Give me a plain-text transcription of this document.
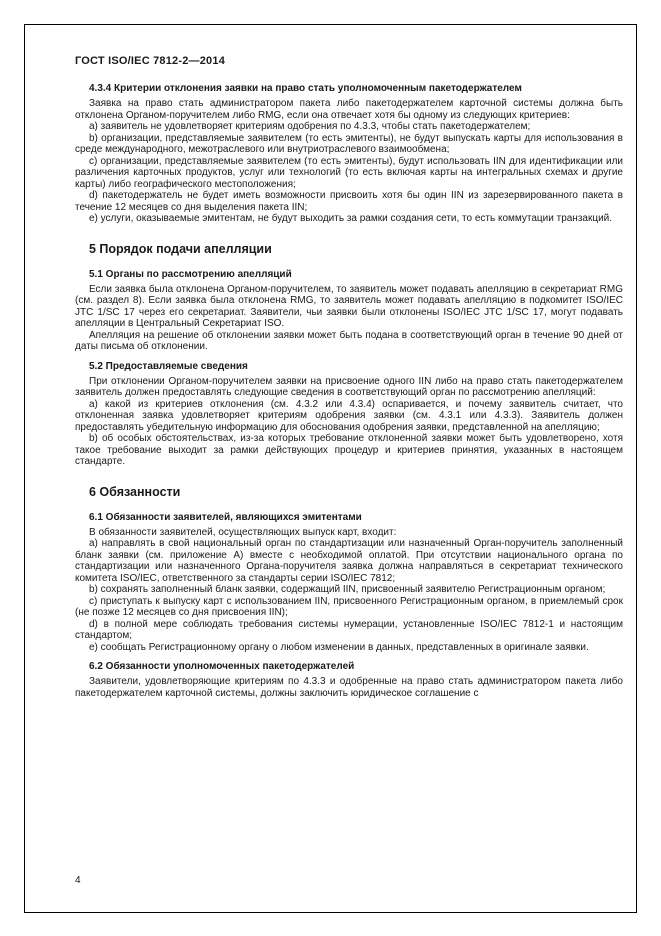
ГОСТ ISO/IEC 7812-2—2014

4.3.4 Критерии отклонения заявки на право стать уполномоченным пакетодержателем

Заявка на право стать администратором пакета либо пакетодержателем карточной системы должна быть отклонена Органом-поручителем либо RMG, если она отвечает хотя бы одному из следующих критериев:

a) заявитель не удовлетворяет критериям одобрения по 4.3.3, чтобы стать пакетодержателем;

b) организации, представляемые заявителем (то есть эмитенты), не будут выпускать карты для использования в среде международного, межотраслевого или внутриотраслевого взаимообмена;

c) организации, представляемые заявителем (то есть эмитенты), будут использовать IIN для идентификации или различения карточных продуктов, услуг или технологий (то есть включая карты на интегральных схемах и другие карты) либо географического местоположения;

d) пакетодержатель не будет иметь возможности присвоить хотя бы один IIN из зарезервированного пакета в течение 12 месяцев со дня выделения пакета IIN;

e) услуги, оказываемые эмитентам, не будут выходить за рамки создания сети, то есть коммутации транзакций.

5 Порядок подачи апелляции

5.1 Органы по рассмотрению апелляций

Если заявка была отклонена Органом-поручителем, то заявитель может подавать апелляцию в секретариат RMG (см. раздел 8). Если заявка была отклонена RMG, то заявитель может подавать апелляцию в подкомитет ISO/IEC JTC 1/SC 17 через его секретариат. Заявители, чьи заявки были отклонены ISO/IEC JTC 1/SC 17, могут подавать апелляции в Центральный Секретариат ISO.

Апелляция на решение об отклонении заявки может быть подана в соответствующий орган в течение 90 дней от даты письма об отклонении.

5.2 Предоставляемые сведения

При отклонении Органом-поручителем заявки на присвоение одного IIN либо на право стать пакетодержателем заявитель должен предоставлять следующие сведения в соответствующий орган по рассмотрению апелляций:

a) какой из критериев отклонения (см. 4.3.2 или 4.3.4) оспаривается, и почему заявитель считает, что отклоненная заявка удовлетворяет критериям одобрения заявки (см. 4.3.1 или 4.3.3). Заявитель должен предоставлять убедительную информацию для обоснования одобрения заявки, представленной на апелляцию;

b) об особых обстоятельствах, из-за которых требование отклоненной заявки может быть удовлетворено, хотя такое требование выходит за рамки действующих процедур и критериев принятия, указанных в настоящем стандарте.

6 Обязанности

6.1 Обязанности заявителей, являющихся эмитентами

В обязанности заявителей, осуществляющих выпуск карт, входит:

a) направлять в свой национальный орган по стандартизации или назначенный Орган-поручитель заполненный бланк заявки (см. приложение А) вместе с необходимой оплатой. При отсутствии национального органа по стандартизации или назначенного Органа-поручителя заявка должна направляться в секретариат технического комитета ISO/IEC, ответственного за стандарты серии ISO/IEC 7812;

b) сохранять заполненный бланк заявки, содержащий IIN, присвоенный заявителю Регистрационным органом;

c) приступать к выпуску карт с использованием IIN, присвоенного Регистрационным органом, в приемлемый срок (не позже 12 месяцев со дня присвоения IIN);

d) в полной мере соблюдать требования системы нумерации, установленные ISO/IEC 7812-1 и настоящим стандартом;

e) сообщать Регистрационному органу о любом изменении в данных, представленных в оригинале заявки.

6.2 Обязанности уполномоченных пакетодержателей

Заявители, удовлетворяющие критериям по 4.3.3 и одобренные на право стать администратором пакета либо пакетодержателем карточной системы, должны заключить юридическое соглашение с

4
